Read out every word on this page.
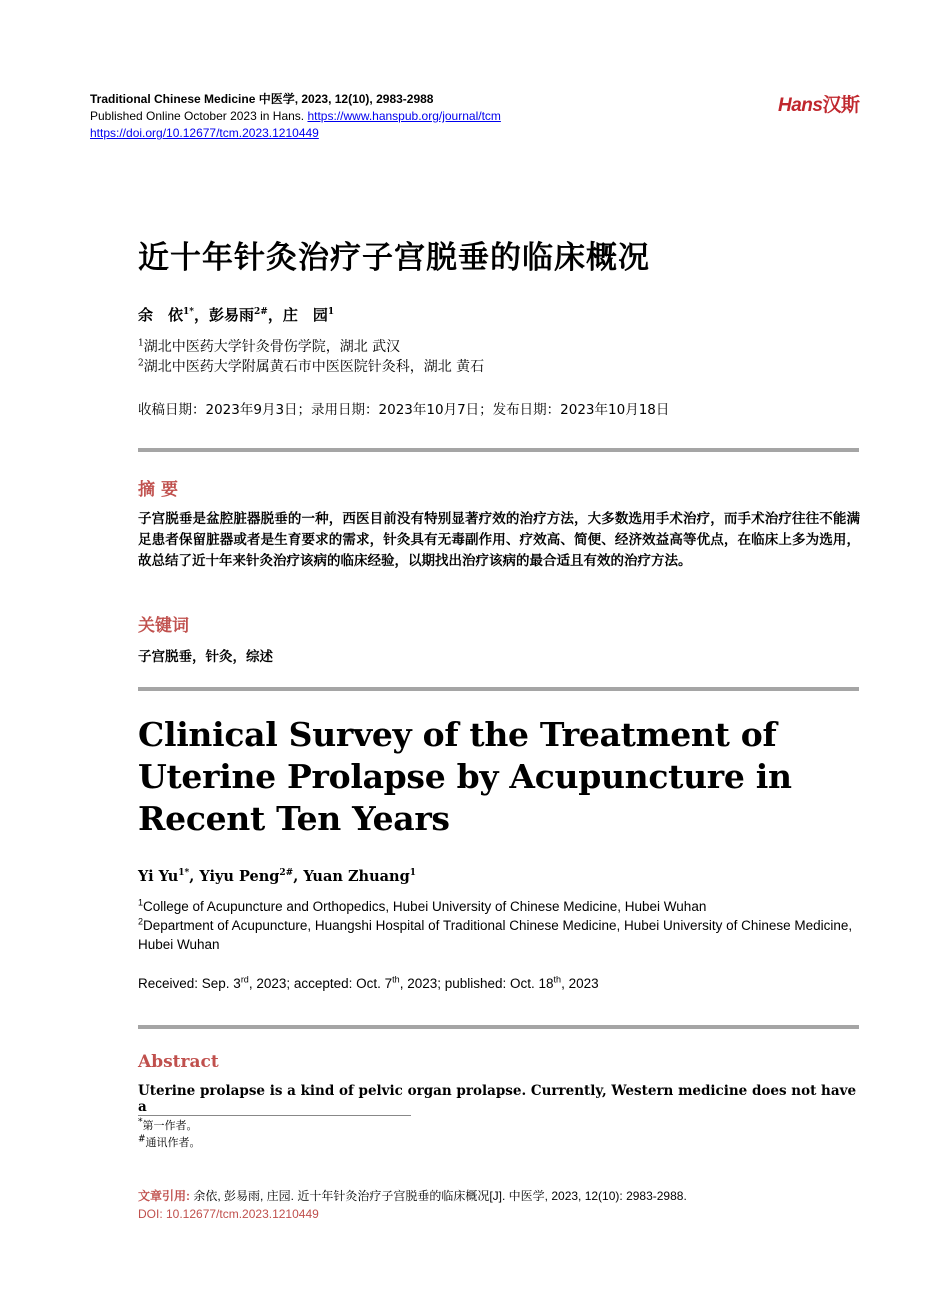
Traditional Chinese Medicine 中医学, 2023, 12(10), 2983-2988
Published Online October 2023 in Hans. https://www.hanspub.org/journal/tcm
https://doi.org/10.12677/tcm.2023.1210449
Hans汉斯
近十年针灸治疗子宫脱垂的临床概况
余　依$^{1*}$，彭易雨$^{2\#}$，庄　园$^1$
$^1$湖北中医药大学针灸骨伤学院，湖北 武汉
$^2$湖北中医药大学附属黄石市中医医院针灸科，湖北 黄石
收稿日期：2023年9月3日；录用日期：2023年10月7日；发布日期：2023年10月18日
摘要
子宫脱垂是盆腔脏器脱垂的一种，西医目前没有特别显著疗效的治疗方法，大多数选用手术治疗，而手术治疗往往不能满足患者保留脏器或者是生育要求的需求，针灸具有无毒副作用、疗效高、简便、经济效益高等优点，在临床上多为选用，故总结了近十年来针灸治疗该病的临床经验，以期找出治疗该病的最合适且有效的治疗方法。
关键词
子宫脱垂，针灸，综述
Clinical Survey of the Treatment of Uterine Prolapse by Acupuncture in Recent Ten Years
Yi $Yu^{1*}$, Yiyu Peng$^{2\#}$, Yuan Zhuang$^1$
$^1$College of Acupuncture and Orthopedics, Hubei University of Chinese Medicine, Hubei Wuhan
$^2$Department of Acupuncture, Huangshi Hospital of Traditional Chinese Medicine, Hubei University of Chinese Medicine, Hubei Wuhan
Received: Sep. 3rd, 2023; accepted: Oct. 7th, 2023; published: Oct. 18th, 2023
Abstract
Uterine prolapse is a kind of pelvic organ prolapse. Currently, Western medicine does not have a
*第一作者。
#通讯作者。
文章引用: 余依, 彭易雨, 庄园. 近十年针灸治疗子宫脱垂的临床概况[J]. 中医学, 2023, 12(10): 2983-2988.
DOI: 10.12677/tcm.2023.1210449
